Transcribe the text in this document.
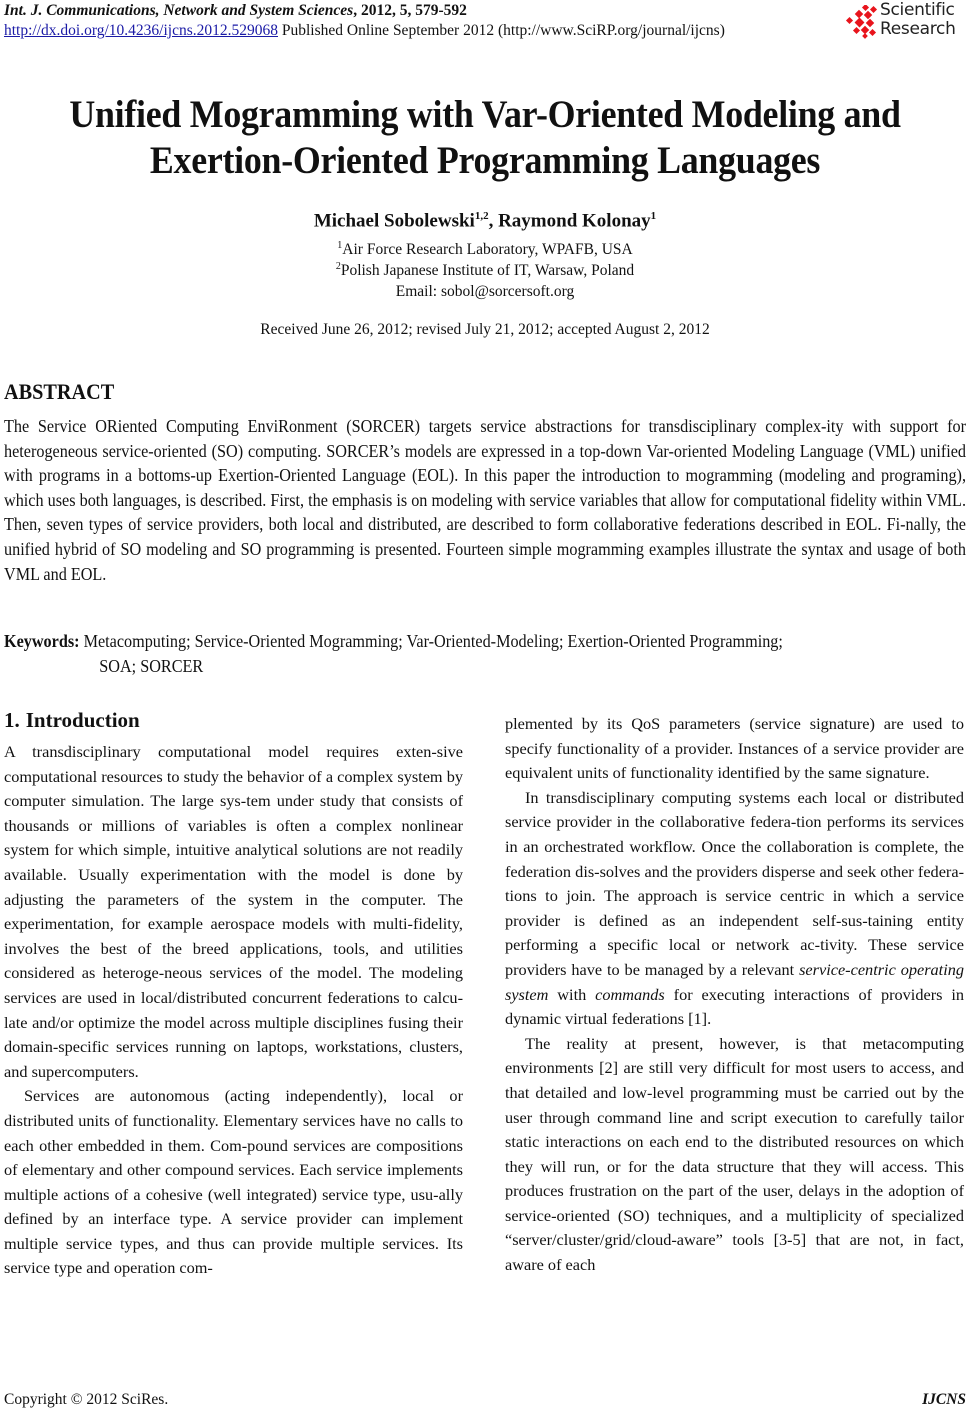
Int. J. Communications, Network and System Sciences, 2012, 5, 579-592
http://dx.doi.org/10.4236/ijcns.2012.529068 Published Online September 2012 (http://www.SciRP.org/journal/ijcns)
Scientific
Research
Unified Mogramming with Var-Oriented Modeling and
Exertion-Oriented Programming Languages
Michael Sobolewski$^{1,2}$, Raymond Kolonay$^1$
$^1$Air Force Research Laboratory, WPAFB, USA
$^2$Polish Japanese Institute of IT, Warsaw, Poland
Email: sobol@sorcersoft.org
Received June 26, 2012; revised July 21, 2012; accepted August 2, 2012
ABSTRACT
The Service ORiented Computing EnviRonment (SORCER) targets service abstractions for transdisciplinary complex-ity with support for heterogeneous service-oriented (SO) computing. SORCER’s models are expressed in a top-down Var-oriented Modeling Language (VML) unified with programs in a bottoms-up Exertion-Oriented Language (EOL). In this paper the introduction to mogramming (modeling and programing), which uses both languages, is described. First, the emphasis is on modeling with service variables that allow for computational fidelity within VML. Then, seven types of service providers, both local and distributed, are described to form collaborative federations described in EOL. Fi-nally, the unified hybrid of SO modeling and SO programming is presented. Fourteen simple mogramming examples illustrate the syntax and usage of both VML and EOL.
Keywords: Metacomputing; Service-Oriented Mogramming; Var-Oriented-Modeling; Exertion-Oriented Programming;
SOA; SORCER
1. Introduction

A transdisciplinary computational model requires exten-sive computational resources to study the behavior of a complex system by computer simulation. The large sys-tem under study that consists of thousands or millions of variables is often a complex nonlinear system for which simple, intuitive analytical solutions are not readily available. Usually experimentation with the model is done by adjusting the parameters of the system in the computer. The experimentation, for example aerospace models with multi-fidelity, involves the best of the breed applications, tools, and utilities considered as heteroge-neous services of the model. The modeling services are used in local/distributed concurrent federations to calcu-late and/or optimize the model across multiple disciplines fusing their domain-specific services running on laptops, workstations, clusters, and supercomputers.

Services are autonomous (acting independently), local or distributed units of functionality. Elementary services have no calls to each other embedded in them. Com-pound services are compositions of elementary and other compound services. Each service implements multiple actions of a cohesive (well integrated) service type, usu-ally defined by an interface type. A service provider can implement multiple service types, and thus can provide multiple services. Its service type and operation com-

plemented by its QoS parameters (service signature) are used to specify functionality of a provider. Instances of a service provider are equivalent units of functionality identified by the same signature.

In transdisciplinary computing systems each local or distributed service provider in the collaborative federa-tion performs its services in an orchestrated workflow. Once the collaboration is complete, the federation dis-solves and the providers disperse and seek other federa-tions to join. The approach is service centric in which a service provider is defined as an independent self-sus-taining entity performing a specific local or network ac-tivity. These service providers have to be managed by a relevant service-centric operating system with commands for executing interactions of providers in dynamic virtual federations [1].

The reality at present, however, is that metacomputing environments [2] are still very difficult for most users to access, and that detailed and low-level programming must be carried out by the user through command line and script execution to carefully tailor static interactions on each end to the distributed resources on which they will run, or for the data structure that they will access. This produces frustration on the part of the user, delays in the adoption of service-oriented (SO) techniques, and a multiplicity of specialized “server/cluster/grid/cloud-aware” tools [3-5] that are not, in fact, aware of each

Copyright © 2012 SciRes.	IJCNS
